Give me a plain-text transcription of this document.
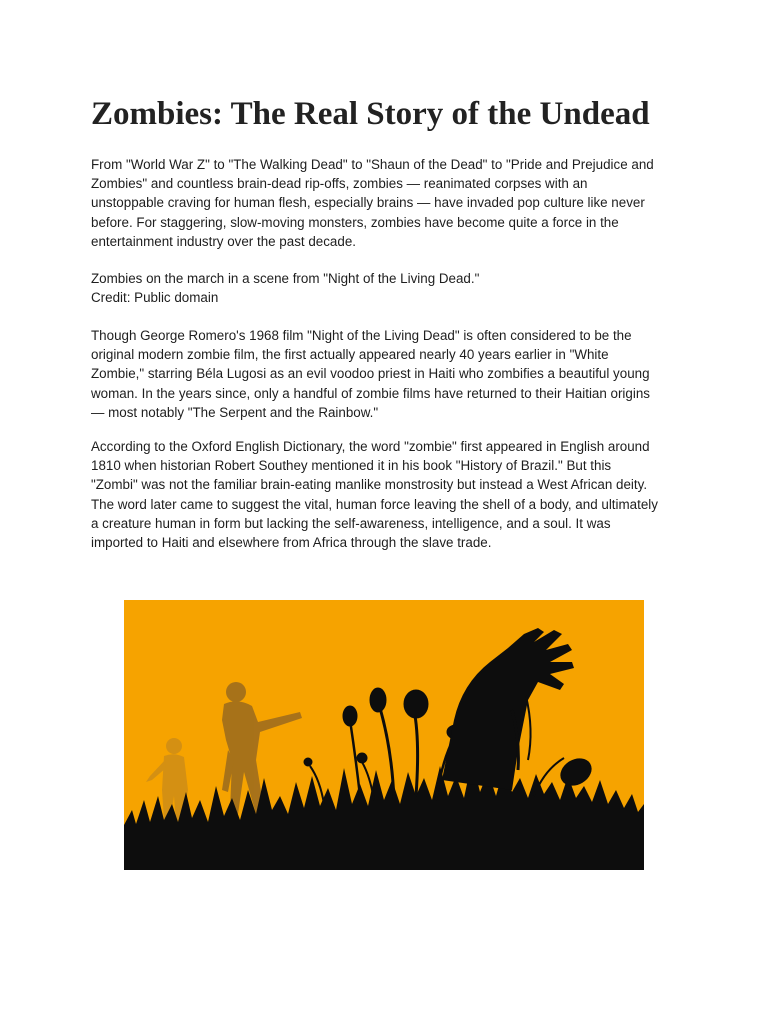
Zombies: The Real Story of the Undead

From "World War Z" to "The Walking Dead" to "Shaun of the Dead" to "Pride and Prejudice and
Zombies" and countless brain-dead rip-offs, zombies — reanimated corpses with an
unstoppable craving for human flesh, especially brains — have invaded pop culture like never
before. For staggering, slow-moving monsters, zombies have become quite a force in the
entertainment industry over the past decade.

Zombies on the march in a scene from "Night of the Living Dead."
Credit: Public domain

Though George Romero's 1968 film "Night of the Living Dead" is often considered to be the
original modern zombie film, the first actually appeared nearly 40 years earlier in "White
Zombie," starring Béla Lugosi as an evil voodoo priest in Haiti who zombifies a beautiful young
woman. In the years since, only a handful of zombie films have returned to their Haitian origins
— most notably "The Serpent and the Rainbow."

According to the Oxford English Dictionary, the word "zombie" first appeared in English around
1810 when historian Robert Southey mentioned it in his book "History of Brazil." But this
"Zombi" was not the familiar brain-eating manlike monstrosity but instead a West African deity.
The word later came to suggest the vital, human force leaving the shell of a body, and ultimately
a creature human in form but lacking the self-awareness, intelligence, and a soul. It was
imported to Haiti and elsewhere from Africa through the slave trade.
